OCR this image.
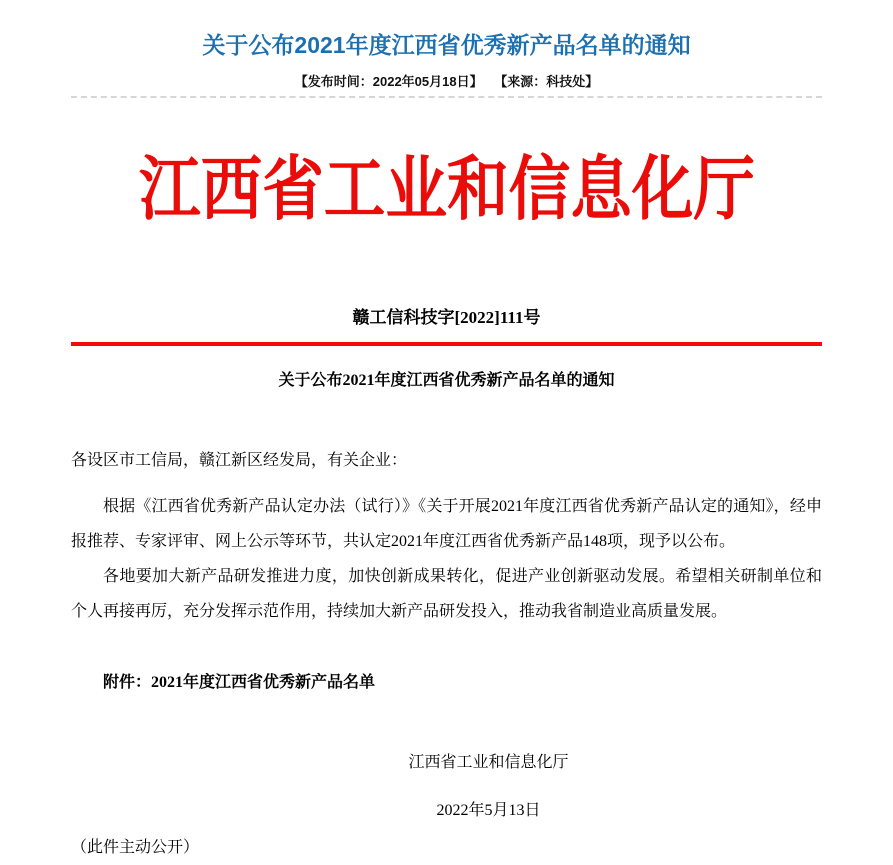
关于公布2021年度江西省优秀新产品名单的通知
【发布时间：2022年05月18日】 【来源：科技处】
江西省工业和信息化厅
赣工信科技字[2022]111号
关于公布2021年度江西省优秀新产品名单的通知

各设区市工信局，赣江新区经发局，有关企业：

根据《江西省优秀新产品认定办法（试行）》《关于开展2021年度江西省优秀新产品认定的通知》，经申报推荐、专家评审、网上公示等环节，共认定2021年度江西省优秀新产品148项，现予以公布。

各地要加大新产品研发推进力度，加快创新成果转化，促进产业创新驱动发展。希望相关研制单位和个人再接再厉，充分发挥示范作用，持续加大新产品研发投入，推动我省制造业高质量发展。

附件：2021年度江西省优秀新产品名单

江西省工业和信息化厅
2022年5月13日

（此件主动公开）
